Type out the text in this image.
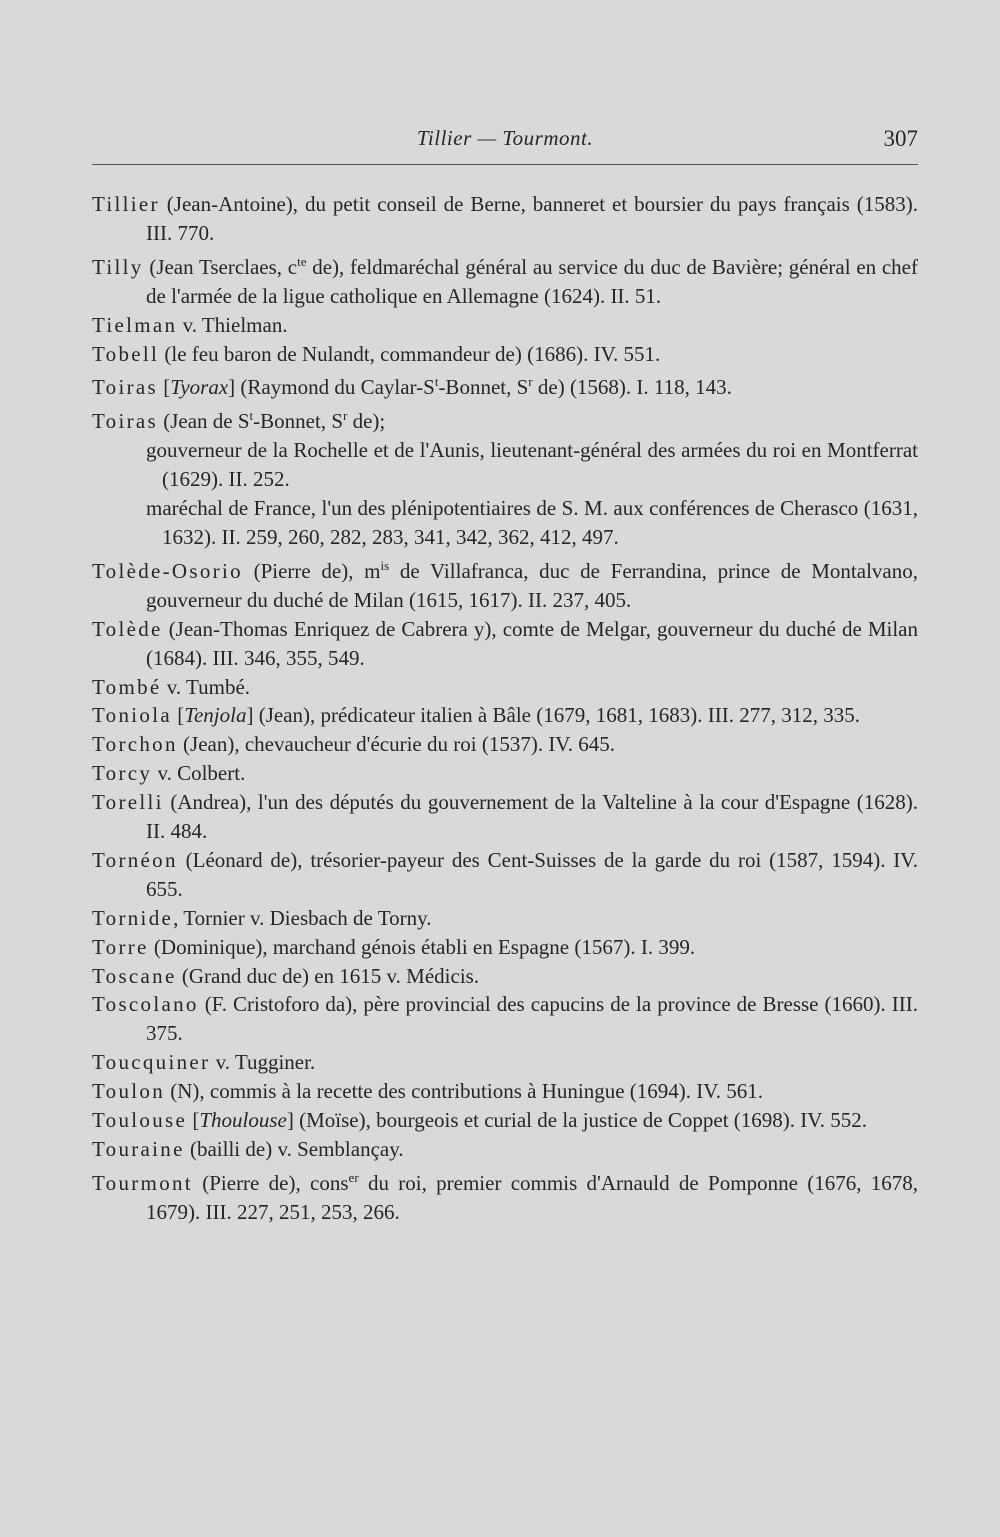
Tillier — Tourmont.	307

Tillier (Jean-Antoine), du petit conseil de Berne, banneret et boursier du pays français (1583). III. 770.

Tilly (Jean Tserclaes, $c^{te}$ de), feldmaréchal général au service du duc de Bavière; général en chef de l'armée de la ligue catholique en Allemagne (1624). II. 51.

Tielman v. Thielman.

Tobell (le feu baron de Nulandt, commandeur de) (1686). IV. 551.

Toiras [Tyorax] (Raymond du Caylar-$S^t$-Bonnet, $S^r$ de) (1568). I. 118, 143.

Toiras (Jean de $S^t$-Bonnet, $S^r$ de);

gouverneur de la Rochelle et de l'Aunis, lieutenant-général des armées du roi en Montferrat (1629). II. 252.

maréchal de France, l'un des plénipotentiaires de S. M. aux conférences de Cherasco (1631, 1632). II. 259, 260, 282, 283, 341, 342, 362, 412, 497.

Tolède-Osorio (Pierre de), $m^{is}$ de Villafranca, duc de Ferrandina, prince de Montalvano, gouverneur du duché de Milan (1615, 1617). II. 237, 405.

Tolède (Jean-Thomas Enriquez de Cabrera y), comte de Melgar, gouverneur du duché de Milan (1684). III. 346, 355, 549.

Tombé v. Tumbé.

Toniola [Tenjola] (Jean), prédicateur italien à Bâle (1679, 1681, 1683). III. 277, 312, 335.

Torchon (Jean), chevaucheur d'écurie du roi (1537). IV. 645.

Torcy v. Colbert.

Torelli (Andrea), l'un des députés du gouvernement de la Valteline à la cour d'Espagne (1628). II. 484.

Tornéon (Léonard de), trésorier-payeur des Cent-Suisses de la garde du roi (1587, 1594). IV. 655.

Tornide, Tornier v. Diesbach de Torny.

Torre (Dominique), marchand génois établi en Espagne (1567). I. 399.

Toscane (Grand duc de) en 1615 v. Médicis.

Toscolano (F. Cristoforo da), père provincial des capucins de la province de Bresse (1660). III. 375.

Toucquiner v. Tugginer.

Toulon (N), commis à la recette des contributions à Huningue (1694). IV. 561.

Toulouse [Thoulouse] (Moïse), bourgeois et curial de la justice de Coppet (1698). IV. 552.

Touraine (bailli de) v. Semblançay.

Tourmont (Pierre de), cons$^{er}$ du roi, premier commis d'Arnauld de Pomponne (1676, 1678, 1679). III. 227, 251, 253, 266.
